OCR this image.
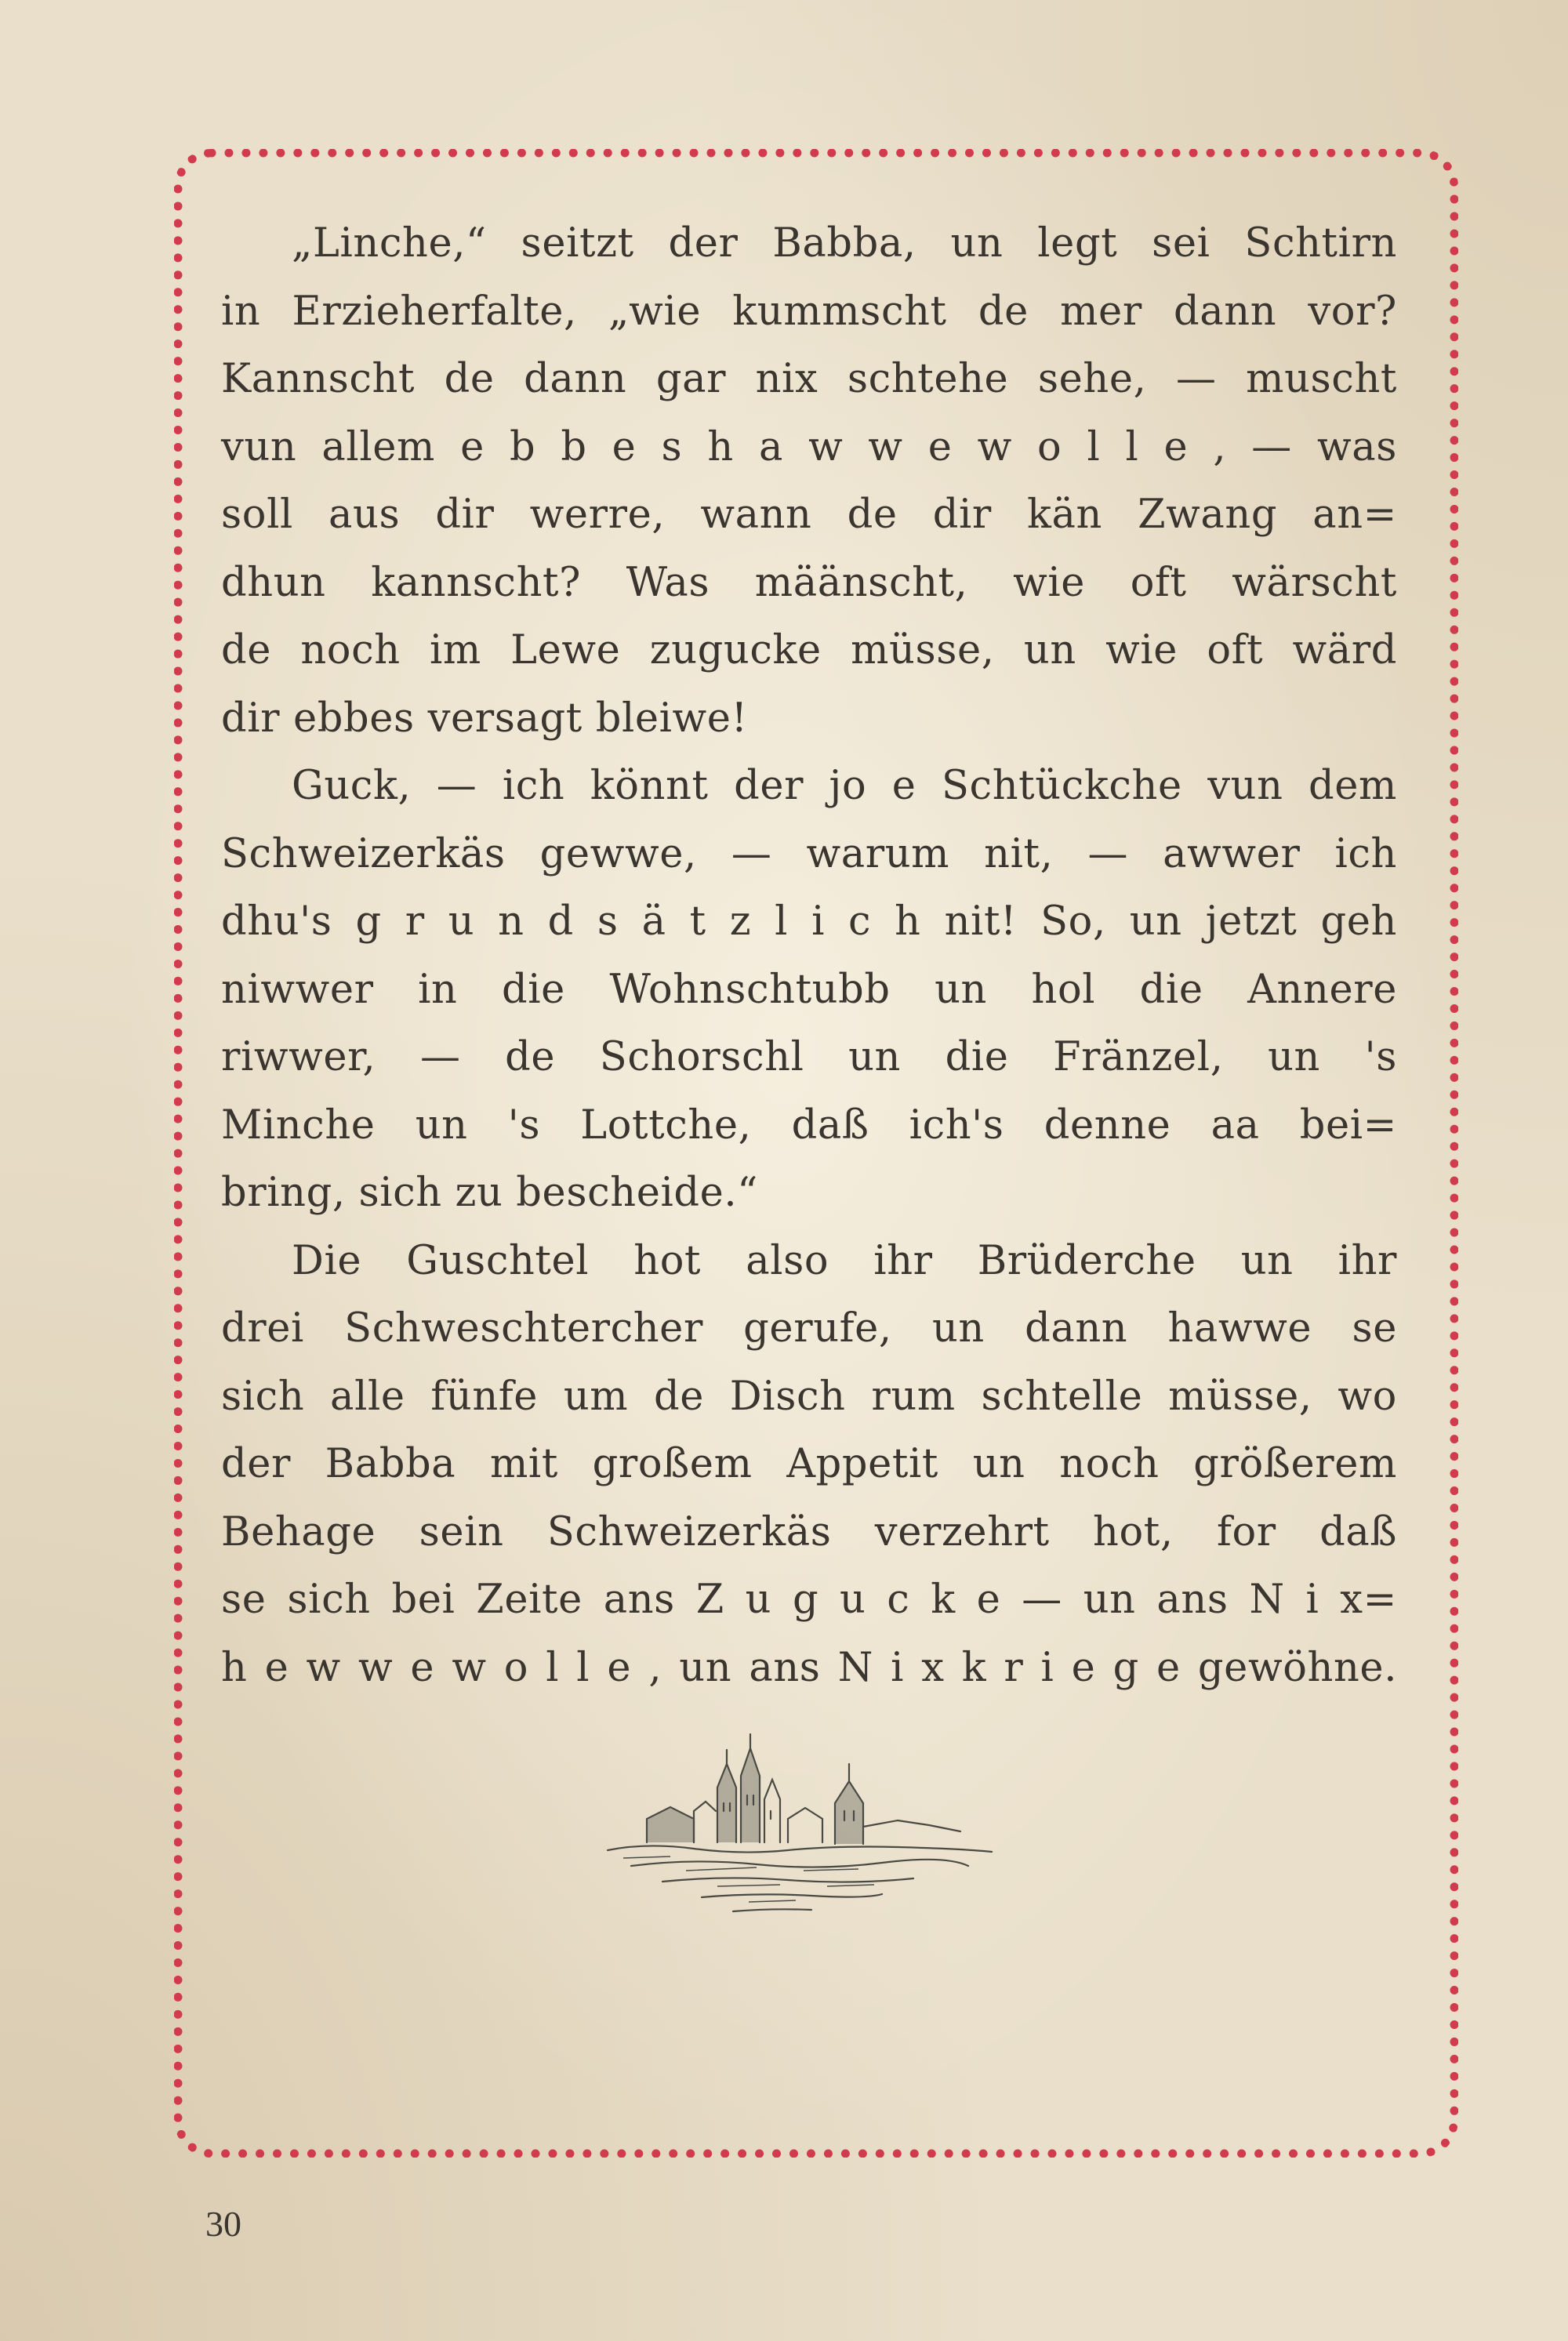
„Linche,“ seitzt der Babba, un legt sei Schtirn
in Erzieherfalte, „wie kummscht de mer dann vor?
Kannscht de dann gar nix schtehe sehe, — muscht
vun allem e b b e s h a w w e w o l l e , — was
soll aus dir werre, wann de dir kän Zwang an=
dhun kannscht? Was määnscht, wie oft wärscht
de noch im Lewe zugucke müsse, un wie oft wärd
dir ebbes versagt bleiwe!
Guck, — ich könnt der jo e Schtückche vun dem
Schweizerkäs gewwe, — warum nit, — awwer ich
dhu's g r u n d s ä t z l i c h nit! So, un jetzt geh
niwwer in die Wohnschtubb un hol die Annere
riwwer, — de Schorschl un die Fränzel, un 's
Minche un 's Lottche, daß ich's denne aa bei=
bring, sich zu bescheide.“
Die Guschtel hot also ihr Brüderche un ihr
drei Schweschtercher gerufe, un dann hawwe se
sich alle fünfe um de Disch rum schtelle müsse, wo
der Babba mit großem Appetit un noch größerem
Behage sein Schweizerkäs verzehrt hot, for daß
se sich bei Zeite ans Z u g u c k e — un ans N i x=
h e w w e w o l l e , un ans N i x k r i e g e gewöhne.
30
